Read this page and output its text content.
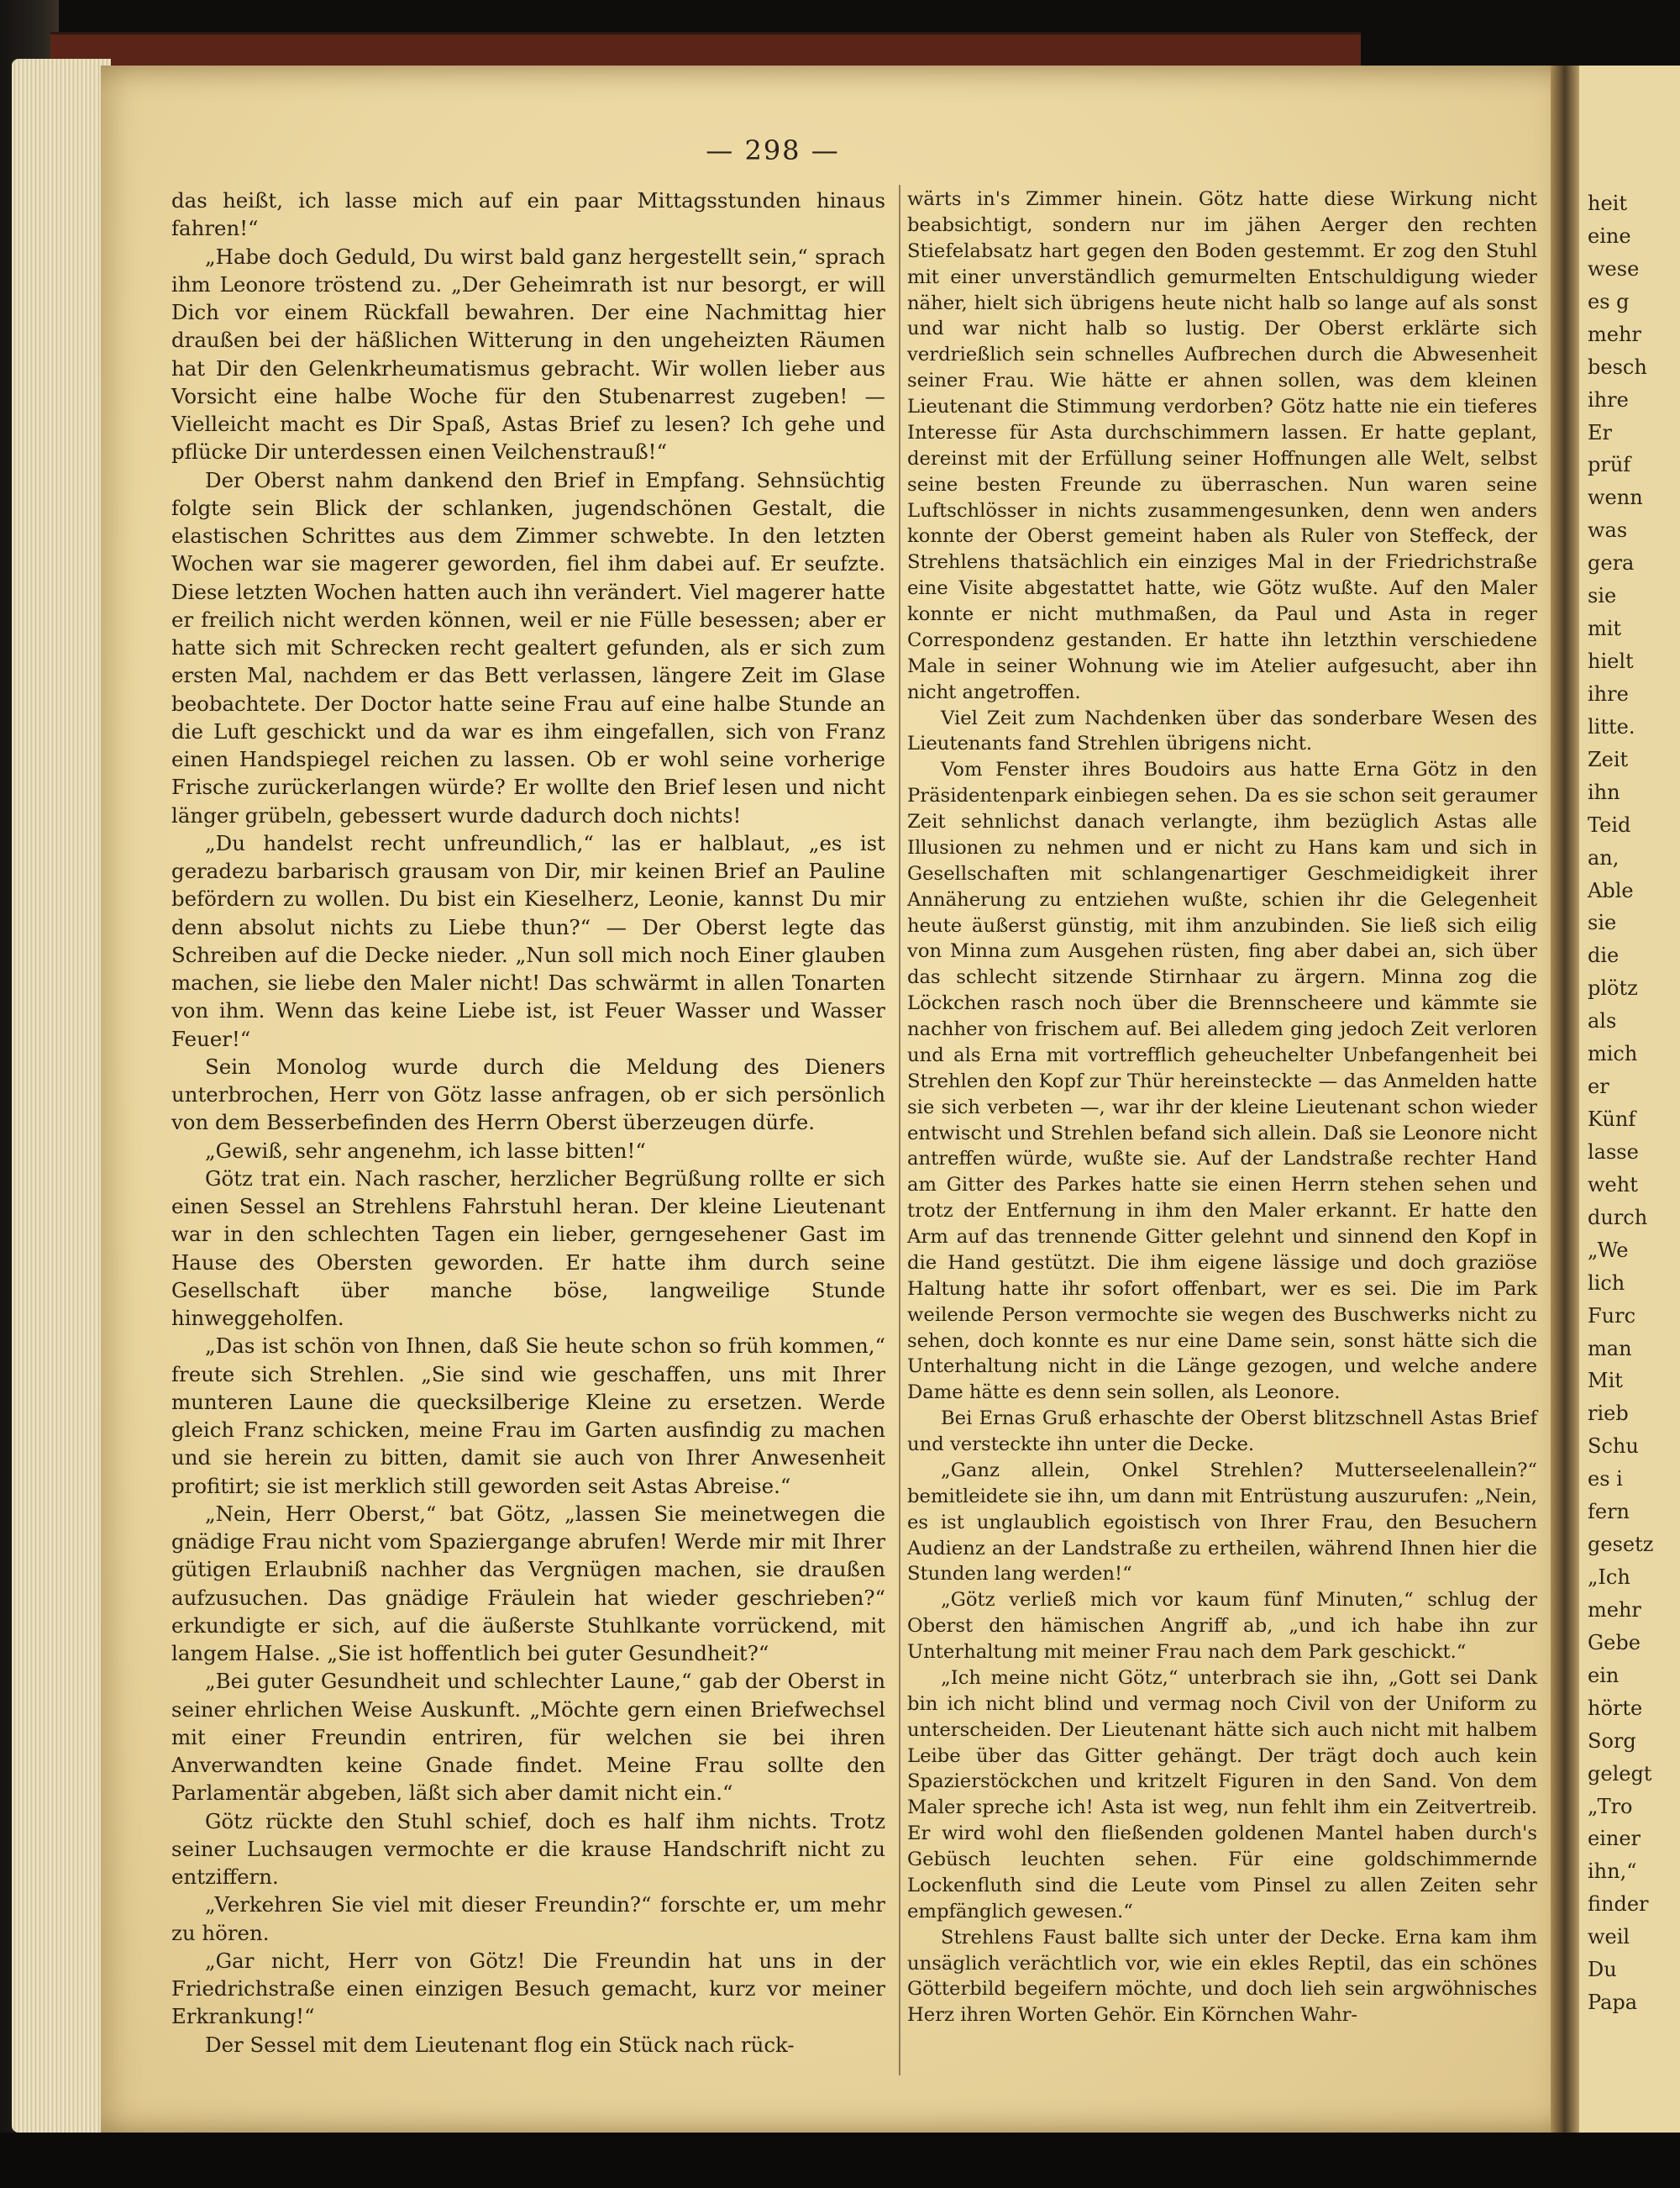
heit
eine
wese
es g
mehr
besch
ihre
Er
prüf
wenn
was
gera
sie
mit
hielt
ihre
litte.
Zeit
ihn
Teid
an,
Able
sie
die
plötz
als
mich
er
Künf
lasse
weht
durch
„We
lich
Furc
man
Mit
rieb
Schu
es i
fern
gesetz
„Ich
mehr
Gebe
ein
hörte
Sorg
gelegt
„Tro
einer
ihn,“
finder
weil
Du
Papa
— 298 —

das heißt, ich lasse mich auf ein paar Mittagsstunden hinaus fahren!“

„Habe doch Geduld, Du wirst bald ganz hergestellt sein,“ sprach ihm Leonore tröstend zu. „Der Geheimrath ist nur besorgt, er will Dich vor einem Rückfall bewahren. Der eine Nachmittag hier draußen bei der häßlichen Witterung in den ungeheizten Räumen hat Dir den Gelenkrheumatismus gebracht. Wir wollen lieber aus Vorsicht eine halbe Woche für den Stubenarrest zugeben! — Vielleicht macht es Dir Spaß, Astas Brief zu lesen? Ich gehe und pflücke Dir unterdessen einen Veilchenstrauß!“

Der Oberst nahm dankend den Brief in Empfang. Sehnsüchtig folgte sein Blick der schlanken, jugendschönen Gestalt, die elastischen Schrittes aus dem Zimmer schwebte. In den letzten Wochen war sie magerer geworden, fiel ihm dabei auf. Er seufzte. Diese letzten Wochen hatten auch ihn verändert. Viel magerer hatte er freilich nicht werden können, weil er nie Fülle besessen; aber er hatte sich mit Schrecken recht gealtert gefunden, als er sich zum ersten Mal, nachdem er das Bett verlassen, längere Zeit im Glase beobachtete. Der Doctor hatte seine Frau auf eine halbe Stunde an die Luft geschickt und da war es ihm eingefallen, sich von Franz einen Handspiegel reichen zu lassen. Ob er wohl seine vorherige Frische zurückerlangen würde? Er wollte den Brief lesen und nicht länger grübeln, gebessert wurde dadurch doch nichts!

„Du handelst recht unfreundlich,“ las er halblaut, „es ist geradezu barbarisch grausam von Dir, mir keinen Brief an Pauline befördern zu wollen. Du bist ein Kieselherz, Leonie, kannst Du mir denn absolut nichts zu Liebe thun?“ — Der Oberst legte das Schreiben auf die Decke nieder. „Nun soll mich noch Einer glauben machen, sie liebe den Maler nicht! Das schwärmt in allen Tonarten von ihm. Wenn das keine Liebe ist, ist Feuer Wasser und Wasser Feuer!“

Sein Monolog wurde durch die Meldung des Dieners unterbrochen, Herr von Götz lasse anfragen, ob er sich persönlich von dem Besserbefinden des Herrn Oberst überzeugen dürfe.

„Gewiß, sehr angenehm, ich lasse bitten!“

Götz trat ein. Nach rascher, herzlicher Begrüßung rollte er sich einen Sessel an Strehlens Fahrstuhl heran. Der kleine Lieutenant war in den schlechten Tagen ein lieber, gerngesehener Gast im Hause des Obersten geworden. Er hatte ihm durch seine Gesellschaft über manche böse, langweilige Stunde hinweggeholfen.

„Das ist schön von Ihnen, daß Sie heute schon so früh kommen,“ freute sich Strehlen. „Sie sind wie geschaffen, uns mit Ihrer munteren Laune die quecksilberige Kleine zu ersetzen. Werde gleich Franz schicken, meine Frau im Garten ausfindig zu machen und sie herein zu bitten, damit sie auch von Ihrer Anwesenheit profitirt; sie ist merklich still geworden seit Astas Abreise.“

„Nein, Herr Oberst,“ bat Götz, „lassen Sie meinetwegen die gnädige Frau nicht vom Spaziergange abrufen! Werde mir mit Ihrer gütigen Erlaubniß nachher das Vergnügen machen, sie draußen aufzusuchen. Das gnädige Fräulein hat wieder geschrieben?“ erkundigte er sich, auf die äußerste Stuhlkante vorrückend, mit langem Halse. „Sie ist hoffentlich bei guter Gesundheit?“

„Bei guter Gesundheit und schlechter Laune,“ gab der Oberst in seiner ehrlichen Weise Auskunft. „Möchte gern einen Briefwechsel mit einer Freundin entriren, für welchen sie bei ihren Anverwandten keine Gnade findet. Meine Frau sollte den Parlamentär abgeben, läßt sich aber damit nicht ein.“

Götz rückte den Stuhl schief, doch es half ihm nichts. Trotz seiner Luchsaugen vermochte er die krause Handschrift nicht zu entziffern.

„Verkehren Sie viel mit dieser Freundin?“ forschte er, um mehr zu hören.

„Gar nicht, Herr von Götz! Die Freundin hat uns in der Friedrichstraße einen einzigen Besuch gemacht, kurz vor meiner Erkrankung!“

Der Sessel mit dem Lieutenant flog ein Stück nach rück-

wärts in's Zimmer hinein. Götz hatte diese Wirkung nicht beabsichtigt, sondern nur im jähen Aerger den rechten Stiefelabsatz hart gegen den Boden gestemmt. Er zog den Stuhl mit einer unverständlich gemurmelten Entschuldigung wieder näher, hielt sich übrigens heute nicht halb so lange auf als sonst und war nicht halb so lustig. Der Oberst erklärte sich verdrießlich sein schnelles Aufbrechen durch die Abwesenheit seiner Frau. Wie hätte er ahnen sollen, was dem kleinen Lieutenant die Stimmung verdorben? Götz hatte nie ein tieferes Interesse für Asta durchschimmern lassen. Er hatte geplant, dereinst mit der Erfüllung seiner Hoffnungen alle Welt, selbst seine besten Freunde zu überraschen. Nun waren seine Luftschlösser in nichts zusammengesunken, denn wen anders konnte der Oberst gemeint haben als Ruler von Steffeck, der Strehlens thatsächlich ein einziges Mal in der Friedrichstraße eine Visite abgestattet hatte, wie Götz wußte. Auf den Maler konnte er nicht muthmaßen, da Paul und Asta in reger Correspondenz gestanden. Er hatte ihn letzthin verschiedene Male in seiner Wohnung wie im Atelier aufgesucht, aber ihn nicht angetroffen.

Viel Zeit zum Nachdenken über das sonderbare Wesen des Lieutenants fand Strehlen übrigens nicht.

Vom Fenster ihres Boudoirs aus hatte Erna Götz in den Präsidentenpark einbiegen sehen. Da es sie schon seit geraumer Zeit sehnlichst danach verlangte, ihm bezüglich Astas alle Illusionen zu nehmen und er nicht zu Hans kam und sich in Gesellschaften mit schlangenartiger Geschmeidigkeit ihrer Annäherung zu entziehen wußte, schien ihr die Gelegenheit heute äußerst günstig, mit ihm anzubinden. Sie ließ sich eilig von Minna zum Ausgehen rüsten, fing aber dabei an, sich über das schlecht sitzende Stirnhaar zu ärgern. Minna zog die Löckchen rasch noch über die Brennscheere und kämmte sie nachher von frischem auf. Bei alledem ging jedoch Zeit verloren und als Erna mit vortrefflich geheuchelter Unbefangenheit bei Strehlen den Kopf zur Thür hereinsteckte — das Anmelden hatte sie sich verbeten —, war ihr der kleine Lieutenant schon wieder entwischt und Strehlen befand sich allein. Daß sie Leonore nicht antreffen würde, wußte sie. Auf der Landstraße rechter Hand am Gitter des Parkes hatte sie einen Herrn stehen sehen und trotz der Entfernung in ihm den Maler erkannt. Er hatte den Arm auf das trennende Gitter gelehnt und sinnend den Kopf in die Hand gestützt. Die ihm eigene lässige und doch graziöse Haltung hatte ihr sofort offenbart, wer es sei. Die im Park weilende Person vermochte sie wegen des Buschwerks nicht zu sehen, doch konnte es nur eine Dame sein, sonst hätte sich die Unterhaltung nicht in die Länge gezogen, und welche andere Dame hätte es denn sein sollen, als Leonore.

Bei Ernas Gruß erhaschte der Oberst blitzschnell Astas Brief und versteckte ihn unter die Decke.

„Ganz allein, Onkel Strehlen? Mutterseelenallein?“ bemitleidete sie ihn, um dann mit Entrüstung auszurufen: „Nein, es ist unglaublich egoistisch von Ihrer Frau, den Besuchern Audienz an der Landstraße zu ertheilen, während Ihnen hier die Stunden lang werden!“

„Götz verließ mich vor kaum fünf Minuten,“ schlug der Oberst den hämischen Angriff ab, „und ich habe ihn zur Unterhaltung mit meiner Frau nach dem Park geschickt.“

„Ich meine nicht Götz,“ unterbrach sie ihn, „Gott sei Dank bin ich nicht blind und vermag noch Civil von der Uniform zu unterscheiden. Der Lieutenant hätte sich auch nicht mit halbem Leibe über das Gitter gehängt. Der trägt doch auch kein Spazierstöckchen und kritzelt Figuren in den Sand. Von dem Maler spreche ich! Asta ist weg, nun fehlt ihm ein Zeitvertreib. Er wird wohl den fließenden goldenen Mantel haben durch's Gebüsch leuchten sehen. Für eine goldschimmernde Lockenfluth sind die Leute vom Pinsel zu allen Zeiten sehr empfänglich gewesen.“

Strehlens Faust ballte sich unter der Decke. Erna kam ihm unsäglich verächtlich vor, wie ein ekles Reptil, das ein schönes Götterbild begeifern möchte, und doch lieh sein argwöhnisches Herz ihren Worten Gehör. Ein Körnchen Wahr-
